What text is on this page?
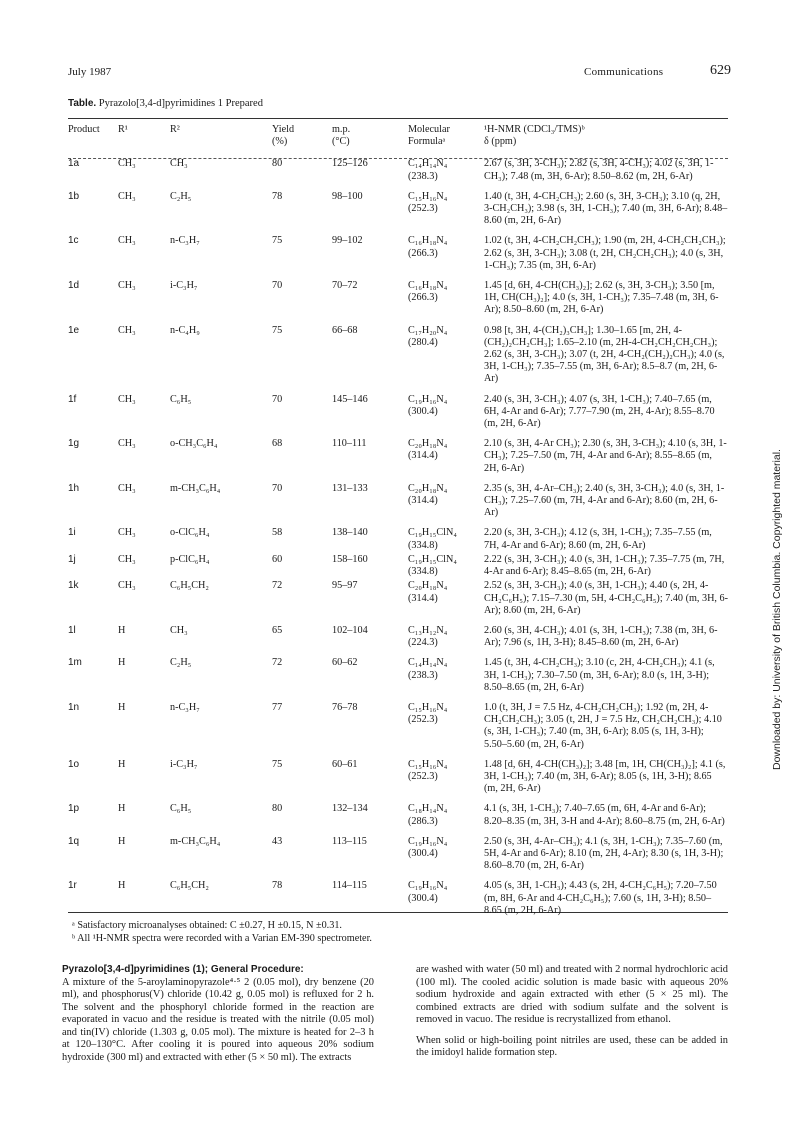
July 1987	Communications	629
Table. Pyrazolo[3,4-d]pyrimidines 1 Prepared
Product	R¹	R²	Yield
(%)	m.p.
(°C)	Molecular
Formulaᵃ	¹H-NMR (CDCl₃/TMS)ᵇ
δ (ppm)
1a	CH₃	CH₃	80	125–126	C₁₄H₁₄N₄
(238.3)	2.67 (s, 3H, 3-CH₃); 2.82 (s, 3H, 4-CH₃); 4.02 (s, 3H, 1-CH₃); 7.48 (m, 3H, 6-Ar); 8.50–8.62 (m, 2H, 6-Ar)
1b	CH₃	C₂H₅	78	98–100	C₁₅H₁₆N₄
(252.3)	1.40 (t, 3H, 4-CH₂CH₃); 2.60 (s, 3H, 3-CH₃); 3.10 (q, 2H, 3-CH₂CH₃); 3.98 (s, 3H, 1-CH₃); 7.40 (m, 3H, 6-Ar); 8.48–8.60 (m, 2H, 6-Ar)
1c	CH₃	n-C₃H₇	75	99–102	C₁₆H₁₈N₄
(266.3)	1.02 (t, 3H, 4-CH₂CH₂CH₃); 1.90 (m, 2H, 4-CH₂CH₂CH₃); 2.62 (s, 3H, 3-CH₃); 3.08 (t, 2H, CH₂CH₂CH₃); 4.0 (s, 3H, 1-CH₃); 7.35 (m, 3H, 6-Ar)
1d	CH₃	i-C₃H₇	70	70–72	C₁₆H₁₈N₄
(266.3)	1.45 [d, 6H, 4-CH(CH₃)₂]; 2.62 (s, 3H, 3-CH₃); 3.50 [m, 1H, CH(CH₃)₂]; 4.0 (s, 3H, 1-CH₃); 7.35–7.48 (m, 3H, 6-Ar); 8.50–8.60 (m, 2H, 6-Ar)
1e	CH₃	n-C₄H₉	75	66–68	C₁₇H₂₀N₄
(280.4)	0.98 [t, 3H, 4-(CH₂)₃CH₃]; 1.30–1.65 [m, 2H, 4-(CH₂)₂CH₂CH₃]; 1.65–2.10 (m, 2H-4-CH₂CH₂CH₂CH₃); 2.62 (s, 3H, 3-CH₃); 3.07 (t, 2H, 4-CH₂(CH₂)₂CH₃); 4.0 (s, 3H, 1-CH₃); 7.35–7.55 (m, 3H, 6-Ar); 8.5–8.7 (m, 2H, 6-Ar)
1f	CH₃	C₆H₅	70	145–146	C₁₉H₁₆N₄
(300.4)	2.40 (s, 3H, 3-CH₃); 4.07 (s, 3H, 1-CH₃); 7.40–7.65 (m, 6H, 4-Ar and 6-Ar); 7.77–7.90 (m, 2H, 4-Ar); 8.55–8.70 (m, 2H, 6-Ar)
1g	CH₃	o-CH₃C₆H₄	68	110–111	C₂₀H₁₈N₄
(314.4)	2.10 (s, 3H, 4-Ar CH₃); 2.30 (s, 3H, 3-CH₃); 4.10 (s, 3H, 1-CH₃); 7.25–7.50 (m, 7H, 4-Ar and 6-Ar); 8.55–8.65 (m, 2H, 6-Ar)
1h	CH₃	m-CH₃C₆H₄	70	131–133	C₂₀H₁₈N₄
(314.4)	2.35 (s, 3H, 4-Ar–CH₃); 2.40 (s, 3H, 3-CH₃); 4.0 (s, 3H, 1-CH₃); 7.25–7.60 (m, 7H, 4-Ar and 6-Ar); 8.60 (m, 2H, 6-Ar)
1i	CH₃	o-ClC₆H₄	58	138–140	C₁₉H₁₅ClN₄
(334.8)	2.20 (s, 3H, 3-CH₃); 4.12 (s, 3H, 1-CH₃); 7.35–7.55 (m, 7H, 4-Ar and 6-Ar); 8.60 (m, 2H, 6-Ar)
1j	CH₃	p-ClC₆H₄	60	158–160	C₁₉H₁₅ClN₄
(334.8)	2.22 (s, 3H, 3-CH₃); 4.0 (s, 3H, 1-CH₃); 7.35–7.75 (m, 7H, 4-Ar and 6-Ar); 8.45–8.65 (m, 2H, 6-Ar)
1k	CH₃	C₆H₅CH₂	72	95–97	C₂₀H₁₈N₄
(314.4)	2.52 (s, 3H, 3-CH₃); 4.0 (s, 3H, 1-CH₃); 4.40 (s, 2H, 4-CH₂C₆H₅); 7.15–7.30 (m, 5H, 4-CH₂C₆H₅); 7.40 (m, 3H, 6-Ar); 8.60 (m, 2H, 6-Ar)
1l	H	CH₃	65	102–104	C₁₃H₁₂N₄
(224.3)	2.60 (s, 3H, 4-CH₃); 4.01 (s, 3H, 1-CH₃); 7.38 (m, 3H, 6-Ar); 7.96 (s, 1H, 3-H); 8.45–8.60 (m, 2H, 6-Ar)
1m	H	C₂H₅	72	60–62	C₁₄H₁₄N₄
(238.3)	1.45 (t, 3H, 4-CH₂CH₃); 3.10 (c, 2H, 4-CH₂CH₃); 4.1 (s, 3H, 1-CH₃); 7.30–7.50 (m, 3H, 6-Ar); 8.0 (s, 1H, 3-H); 8.50–8.65 (m, 2H, 6-Ar)
1n	H	n-C₃H₇	77	76–78	C₁₅H₁₆N₄
(252.3)	1.0 (t, 3H, J = 7.5 Hz, 4-CH₂CH₂CH₃); 1.92 (m, 2H, 4-CH₂CH₂CH₃); 3.05 (t, 2H, J = 7.5 Hz, CH₂CH₂CH₃); 4.10 (s, 3H, 1-CH₃); 7.40 (m, 3H, 6-Ar); 8.05 (s, 1H, 3-H); 5.50–5.60 (m, 2H, 6-Ar)
1o	H	i-C₃H₇	75	60–61	C₁₅H₁₆N₄
(252.3)	1.48 [d, 6H, 4-CH(CH₃)₂]; 3.48 [m, 1H, CH(CH₃)₂]; 4.1 (s, 3H, 1-CH₃); 7.40 (m, 3H, 6-Ar); 8.05 (s, 1H, 3-H); 8.65 (m, 2H, 6-Ar)
1p	H	C₆H₅	80	132–134	C₁₈H₁₄N₄
(286.3)	4.1 (s, 3H, 1-CH₃); 7.40–7.65 (m, 6H, 4-Ar and 6-Ar); 8.20–8.35 (m, 3H, 3-H and 4-Ar); 8.60–8.75 (m, 2H, 6-Ar)
1q	H	m-CH₃C₆H₄	43	113–115	C₁₉H₁₆N₄
(300.4)	2.50 (s, 3H, 4-Ar–CH₃); 4.1 (s, 3H, 1-CH₃); 7.35–7.60 (m, 5H, 4-Ar and 6-Ar); 8.10 (m, 2H, 4-Ar); 8.30 (s, 1H, 3-H); 8.60–8.70 (m, 2H, 6-Ar)
1r	H	C₆H₅CH₂	78	114–115	C₁₉H₁₆N₄
(300.4)	4.05 (s, 3H, 1-CH₃); 4.43 (s, 2H, 4-CH₂C₆H₅); 7.20–7.50 (m, 8H, 6-Ar and 4-CH₂C₆H₅); 7.60 (s, 1H, 3-H); 8.50–8.65 (m, 2H, 6-Ar)
ᵃ Satisfactory microanalyses obtained: C ±0.27, H ±0.15, N ±0.31.
ᵇ All ¹H-NMR spectra were recorded with a Varian EM-390 spectrometer.
Downloaded by: University of British Columbia. Copyrighted material.
Pyrazolo[3,4-d]pyrimidines (1); General Procedure:

A mixture of the 5-aroylaminopyrazole⁴·⁵ 2 (0.05 mol), dry benzene (20 ml), and phosphorus(V) chloride (10.42 g, 0.05 mol) is refluxed for 2 h. The solvent and the phosphoryl chloride formed in the reaction are evaporated in vacuo and the residue is treated with the nitrile (0.05 mol) and tin(IV) chloride (1.303 g, 0.05 mol). The mixture is heated for 2–3 h at 120–130°C. After cooling it is poured into aqueous 20% sodium hydroxide (300 ml) and extracted with ether (5 × 50 ml). The extracts

are washed with water (50 ml) and treated with 2 normal hydrochloric acid (100 ml). The cooled acidic solution is made basic with aqueous 20% sodium hydroxide and again extracted with ether (5 × 25 ml). The combined extracts are dried with sodium sulfate and the solvent is removed in vacuo. The residue is recrystallized from ethanol.

When solid or high-boiling point nitriles are used, these can be added in the imidoyl halide formation step.
